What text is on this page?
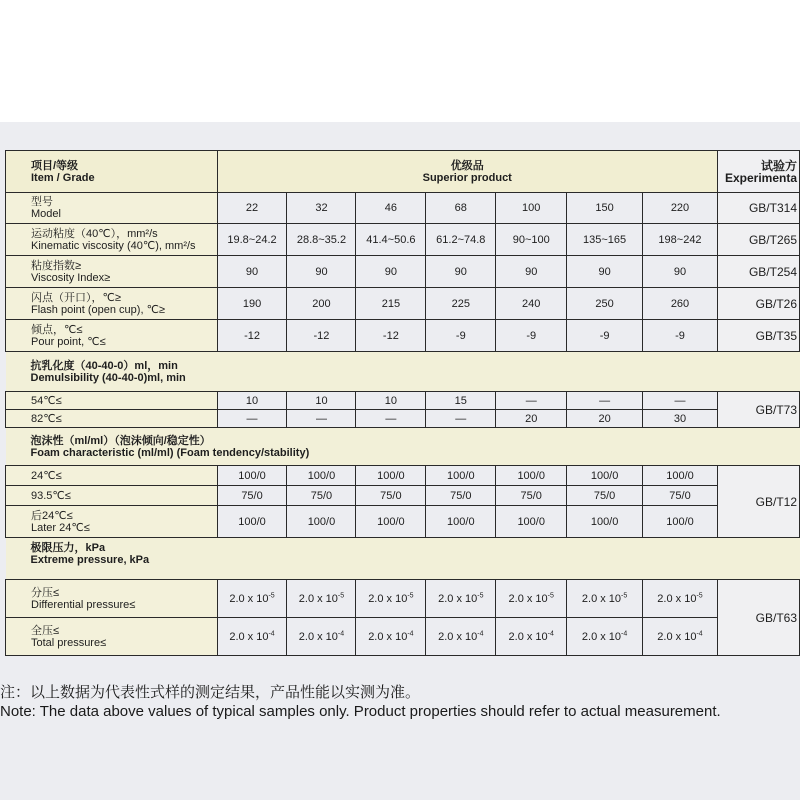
项目/等级
Item / Grade	优级品
Superior product							试验方
Experimenta

型号
Model	22	32	46	68	100	150	220	GB/T314

运动粘度（40℃），mm²/s
Kinematic viscosity (40℃), mm²/s	19.8~24.2	28.8~35.2	41.4~50.6	61.2~74.8	90~100	135~165	198~242	GB/T265

粘度指数≥
Viscosity Index≥	90	90	90	90	90	90	90	GB/T254

闪点（开口），℃≥
Flash point (open cup), ℃≥	190	200	215	225	240	250	260	GB/T26

倾点，℃≤
Pour point, ℃≤	-12	-12	-12	-9	-9	-9	-9	GB/T35

抗乳化度（40-40-0）ml，min
Demulsibility (40-40-0)ml, min								

54℃≤	10	10	10	15	—	—	—	GB/T73
82℃≤	—	—	—	—	20	20	30	

泡沫性（ml/ml）（泡沫倾向/稳定性）
Foam characteristic (ml/ml) (Foam tendency/stability)								

24℃≤	100/0	100/0	100/0	100/0	100/0	100/0	100/0	GB/T12
93.5℃≤	75/0	75/0	75/0	75/0	75/0	75/0	75/0	

后24℃≤
Later 24℃≤	100/0	100/0	100/0	100/0	100/0	100/0	100/0	

极限压力，kPa
Extreme pressure, kPa								

分压≤
Differential pressure≤	2.0 x $10^{-5}$	2.0 x $10^{-5}$	2.0 x $10^{-5}$	2.0 x $10^{-5}$	2.0 x $10^{-5}$	2.0 x $10^{-5}$	2.0 x $10^{-5}$	GB/T63

全压≤
Total pressure≤	2.0 x $10^{-4}$	2.0 x $10^{-4}$	2.0 x $10^{-4}$	2.0 x $10^{-4}$	2.0 x $10^{-4}$	2.0 x $10^{-4}$	2.0 x $10^{-4}$
注：以上数据为代表性式样的测定结果，产品性能以实测为准。
Note: The data above values of typical samples only. Product properties should refer to actual measurement.
